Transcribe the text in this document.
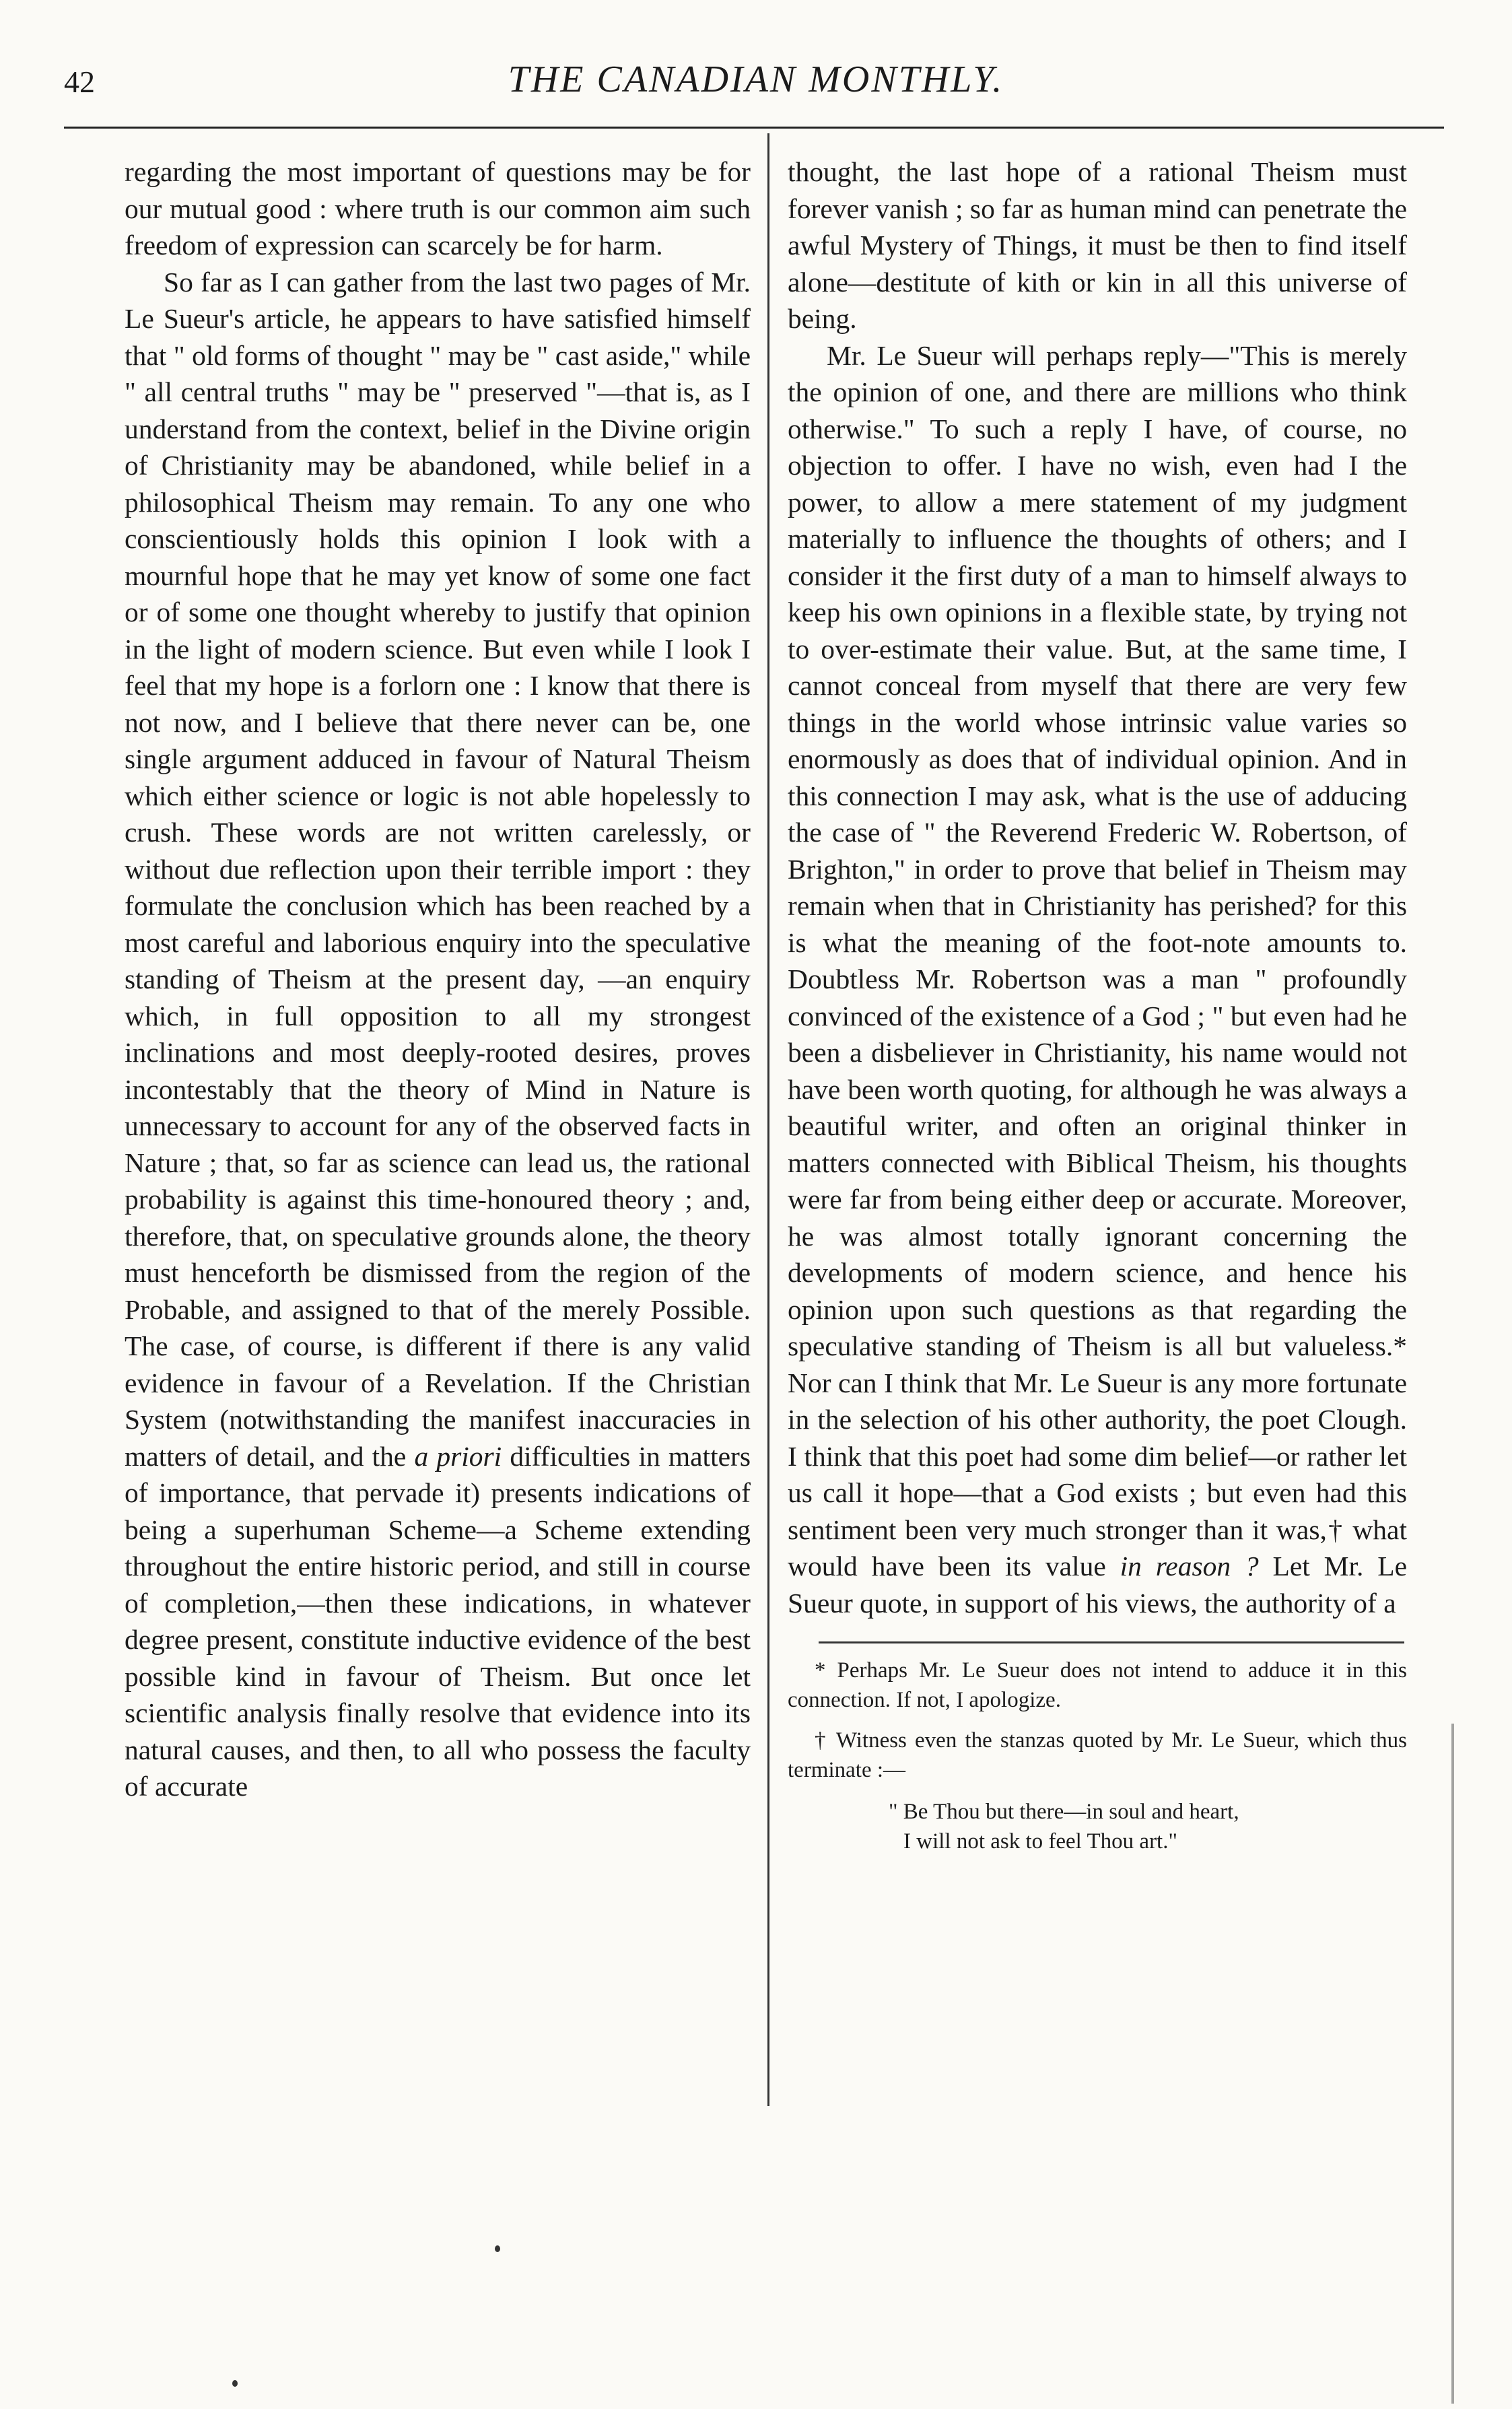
42	THE CANADIAN MONTHLY.

regarding the most important of questions may be for our mutual good : where truth is our common aim such freedom of expression can scarcely be for harm.

So far as I can gather from the last two pages of Mr. Le Sueur's article, he appears to have satisfied himself that " old forms of thought " may be " cast aside," while " all central truths " may be " preserved "—that is, as I understand from the context, belief in the Divine origin of Christianity may be abandoned, while belief in a philosophical Theism may remain. To any one who conscientiously holds this opinion I look with a mournful hope that he may yet know of some one fact or of some one thought whereby to justify that opinion in the light of modern science. But even while I look I feel that my hope is a forlorn one : I know that there is not now, and I believe that there never can be, one single argument adduced in favour of Natural Theism which either science or logic is not able hopelessly to crush. These words are not written carelessly, or without due reflection upon their terrible import : they formulate the conclusion which has been reached by a most careful and laborious enquiry into the speculative standing of Theism at the present day, —an enquiry which, in full opposition to all my strongest inclinations and most deeply-rooted desires, proves incontestably that the theory of Mind in Nature is unnecessary to account for any of the observed facts in Nature ; that, so far as science can lead us, the rational probability is against this time-honoured theory ; and, therefore, that, on speculative grounds alone, the theory must henceforth be dismissed from the region of the Probable, and assigned to that of the merely Possible. The case, of course, is different if there is any valid evidence in favour of a Revelation. If the Christian System (notwithstanding the manifest inaccuracies in matters of detail, and the a priori difficulties in matters of importance, that pervade it) presents indications of being a superhuman Scheme—a Scheme extending throughout the entire historic period, and still in course of completion,—then these indications, in whatever degree present, constitute inductive evidence of the best possible kind in favour of Theism. But once let scientific analysis finally resolve that evidence into its natural causes, and then, to all who possess the faculty of accurate

thought, the last hope of a rational Theism must forever vanish ; so far as human mind can penetrate the awful Mystery of Things, it must be then to find itself alone—destitute of kith or kin in all this universe of being.

Mr. Le Sueur will perhaps reply—"This is merely the opinion of one, and there are millions who think otherwise." To such a reply I have, of course, no objection to offer. I have no wish, even had I the power, to allow a mere statement of my judgment materially to influence the thoughts of others; and I consider it the first duty of a man to himself always to keep his own opinions in a flexible state, by trying not to over-estimate their value. But, at the same time, I cannot conceal from myself that there are very few things in the world whose intrinsic value varies so enormously as does that of individual opinion. And in this connection I may ask, what is the use of adducing the case of " the Reverend Frederic W. Robertson, of Brighton," in order to prove that belief in Theism may remain when that in Christianity has perished? for this is what the meaning of the foot-note amounts to. Doubtless Mr. Robertson was a man " profoundly convinced of the existence of a God ; " but even had he been a disbeliever in Christianity, his name would not have been worth quoting, for although he was always a beautiful writer, and often an original thinker in matters connected with Biblical Theism, his thoughts were far from being either deep or accurate. Moreover, he was almost totally ignorant concerning the developments of modern science, and hence his opinion upon such questions as that regarding the speculative standing of Theism is all but valueless.* Nor can I think that Mr. Le Sueur is any more fortunate in the selection of his other authority, the poet Clough. I think that this poet had some dim belief—or rather let us call it hope—that a God exists ; but even had this sentiment been very much stronger than it was,† what would have been its value in reason ? Let Mr. Le Sueur quote, in support of his views, the authority of a

* Perhaps Mr. Le Sueur does not intend to adduce it in this connection. If not, I apologize.

† Witness even the stanzas quoted by Mr. Le Sueur, which thus terminate :—

" Be Thou but there—in soul and heart,
I will not ask to feel Thou art."
